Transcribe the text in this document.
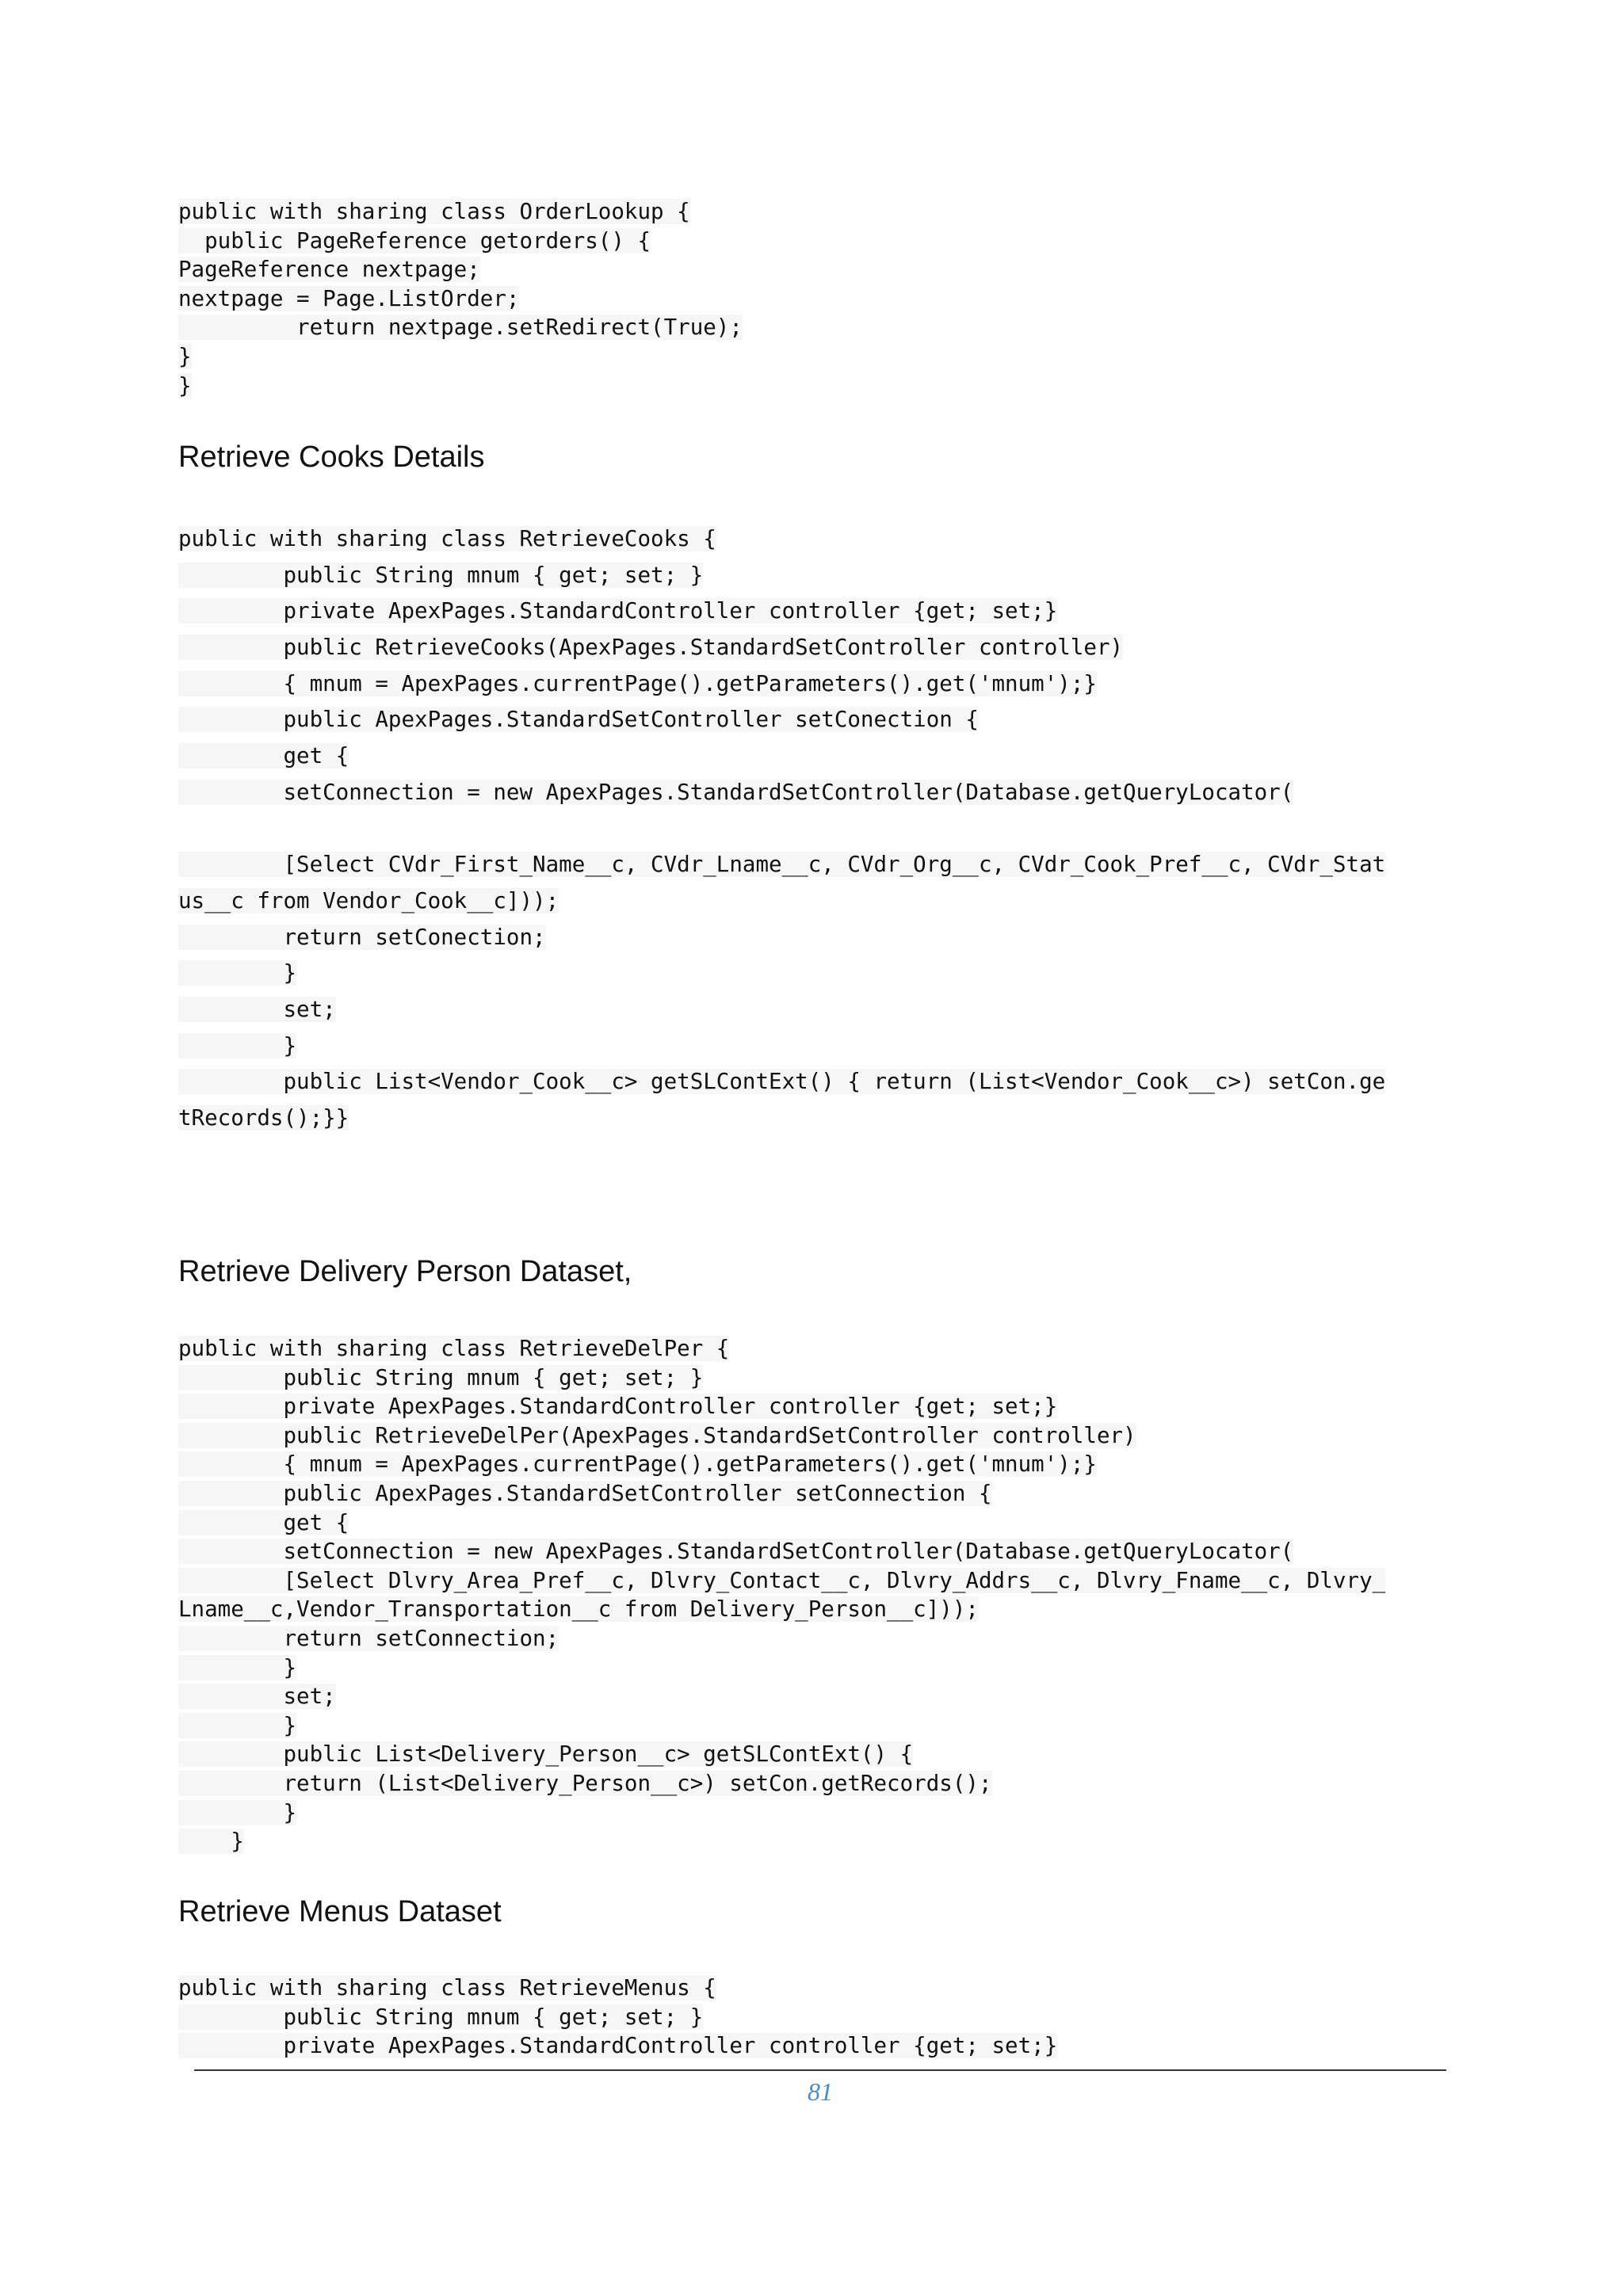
public with sharing class OrderLookup {
public PageReference getorders() {
PageReference nextpage;
nextpage = Page.ListOrder;
return nextpage.setRedirect(True);
}
}
Retrieve Cooks Details
public with sharing class RetrieveCooks {
public String mnum { get; set; }
private ApexPages.StandardController controller {get; set;}
public RetrieveCooks(ApexPages.StandardSetController controller)
{ mnum = ApexPages.currentPage().getParameters().get('mnum');}
public ApexPages.StandardSetController setConection {
get {
setConnection = new ApexPages.StandardSetController(Database.getQueryLocator(
[Select CVdr_First_Name__c, CVdr_Lname__c, CVdr_Org__c, CVdr_Cook_Pref__c, CVdr_Stat
us__c from Vendor_Cook__c]));
return setConection;
}
set;
}
public List<Vendor_Cook__c> getSLContExt() { return (List<Vendor_Cook__c>) setCon.ge
tRecords();}}
Retrieve Delivery Person Dataset,
public with sharing class RetrieveDelPer {
public String mnum { get; set; }
private ApexPages.StandardController controller {get; set;}
public RetrieveDelPer(ApexPages.StandardSetController controller)
{ mnum = ApexPages.currentPage().getParameters().get('mnum');}
public ApexPages.StandardSetController setConnection {
get {
setConnection = new ApexPages.StandardSetController(Database.getQueryLocator(
[Select Dlvry_Area_Pref__c, Dlvry_Contact__c, Dlvry_Addrs__c, Dlvry_Fname__c, Dlvry_
Lname__c,Vendor_Transportation__c from Delivery_Person__c]));
return setConnection;
}
set;
}
public List<Delivery_Person__c> getSLContExt() {
return (List<Delivery_Person__c>) setCon.getRecords();
}
}
Retrieve Menus Dataset
public with sharing class RetrieveMenus {
public String mnum { get; set; }
private ApexPages.StandardController controller {get; set;}
81
